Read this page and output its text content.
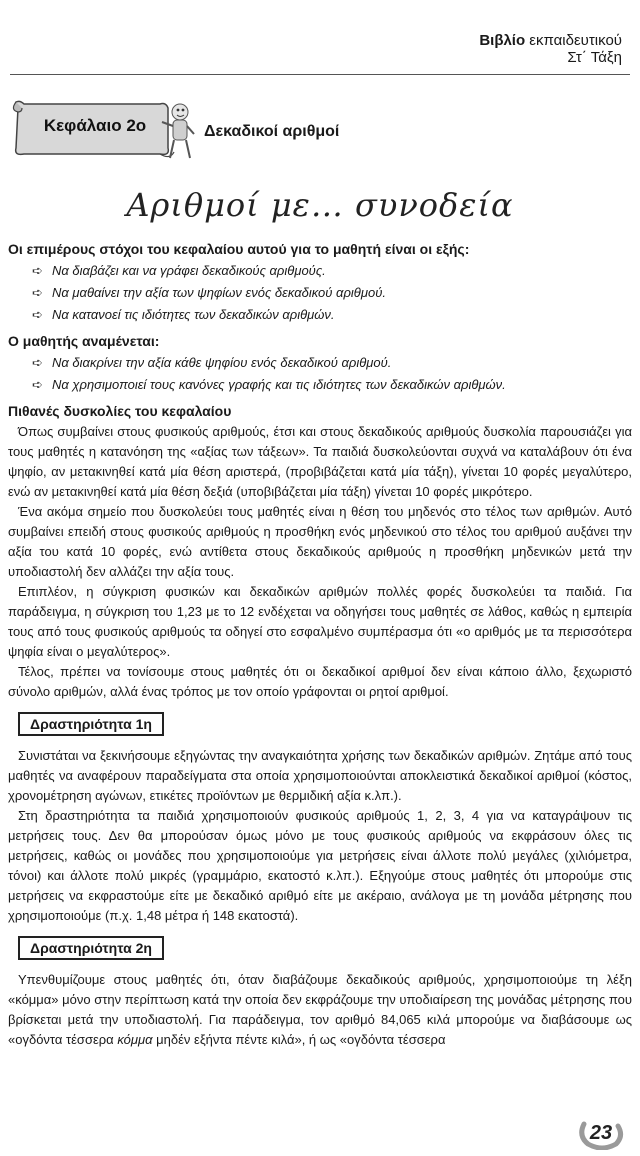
Βιβλίο εκπαιδευτικού
Στ΄ Τάξη
Κεφάλαιο 2ο	Δεκαδικοί αριθμοί
Αριθμοί με… συνοδεία

Οι επιμέρους στόχοι του κεφαλαίου αυτού για το μαθητή είναι οι εξής:

➪ Να διαβάζει και να γράφει δεκαδικούς αριθμούς.
➪ Να μαθαίνει την αξία των ψηφίων ενός δεκαδικού αριθμού.
➪ Να κατανοεί τις ιδιότητες των δεκαδικών αριθμών.

Ο μαθητής αναμένεται:

➪ Να διακρίνει την αξία κάθε ψηφίου ενός δεκαδικού αριθμού.
➪ Να χρησιμοποιεί τους κανόνες γραφής και τις ιδιότητες των δεκαδικών αριθμών.

Πιθανές δυσκολίες του κεφαλαίου

Όπως συμβαίνει στους φυσικούς αριθμούς, έτσι και στους δεκαδικούς αριθμούς δυσκολία παρουσιάζει για τους μαθητές η κατανόηση της «αξίας των τάξεων». Τα παιδιά δυσκολεύονται συχνά να καταλάβουν ότι ένα ψηφίο, αν μετακινηθεί κατά μία θέση αριστερά, (προβιβάζεται κατά μία τάξη), γίνεται 10 φορές μεγαλύτερο, ενώ αν μετακινηθεί κατά μία θέση δεξιά (υποβιβάζεται μία τάξη) γίνεται 10 φορές μικρότερο.

Ένα ακόμα σημείο που δυσκολεύει τους μαθητές είναι η θέση του μηδενός στο τέλος των αριθμών. Αυτό συμβαίνει επειδή στους φυσικούς αριθμούς η προσθήκη ενός μηδενικού στο τέλος του αριθμού αυξάνει την αξία του κατά 10 φορές, ενώ αντίθετα στους δεκαδικούς αριθμούς η προσθήκη μηδενικών μετά την υποδιαστολή δεν αλλάζει την αξία τους.

Επιπλέον, η σύγκριση φυσικών και δεκαδικών αριθμών πολλές φορές δυσκολεύει τα παιδιά. Για παράδειγμα, η σύγκριση του 1,23 με το 12 ενδέχεται να οδηγήσει τους μαθητές σε λάθος, καθώς η εμπειρία τους από τους φυσικούς αριθμούς τα οδηγεί στο εσφαλμένο συμπέρασμα ότι «ο αριθμός με τα περισσότερα ψηφία είναι ο μεγαλύτερος».

Τέλος, πρέπει να τονίσουμε στους μαθητές ότι οι δεκαδικοί αριθμοί δεν είναι κάποιο άλλο, ξεχωριστό σύνολο αριθμών, αλλά ένας τρόπος με τον οποίο γράφονται οι ρητοί αριθμοί.

Δραστηριότητα 1η

Συνιστάται να ξεκινήσουμε εξηγώντας την αναγκαιότητα χρήσης των δεκαδικών αριθμών. Ζητάμε από τους μαθητές να αναφέρουν παραδείγματα στα οποία χρησιμοποιούνται αποκλειστικά δεκαδικοί αριθμοί (κόστος, χρονομέτρηση αγώνων, ετικέτες προϊόντων με θερμιδική αξία κ.λπ.).

Στη δραστηριότητα τα παιδιά χρησιμοποιούν φυσικούς αριθμούς 1, 2, 3, 4 για να καταγράψουν τις μετρήσεις τους. Δεν θα μπορούσαν όμως μόνο με τους φυσικούς αριθμούς να εκφράσουν όλες τις μετρήσεις, καθώς οι μονάδες που χρησιμοποιούμε για μετρήσεις είναι άλλοτε πολύ μεγάλες (χιλιόμετρα, τόνοι) και άλλοτε πολύ μικρές (γραμμάριο, εκατοστό κ.λπ.). Εξηγούμε στους μαθητές ότι μπορούμε στις μετρήσεις να εκφραστούμε είτε με δεκαδικό αριθμό είτε με ακέραιο, ανάλογα με τη μονάδα μέτρησης που χρησιμοποιούμε (π.χ. 1,48 μέτρα ή 148 εκατοστά).

Δραστηριότητα 2η

Υπενθυμίζουμε στους μαθητές ότι, όταν διαβάζουμε δεκαδικούς αριθμούς, χρησιμοποιούμε τη λέξη «κόμμα» μόνο στην περίπτωση κατά την οποία δεν εκφράζουμε την υποδιαίρεση της μονάδας μέτρησης που βρίσκεται μετά την υποδιαστολή. Για παράδειγμα, τον αριθμό 84,065 κιλά μπορούμε να διαβάσουμε ως «ογδόντα τέσσερα κόμμα μηδέν εξήντα πέντε κιλά», ή ως «ογδόντα τέσσερα

23
